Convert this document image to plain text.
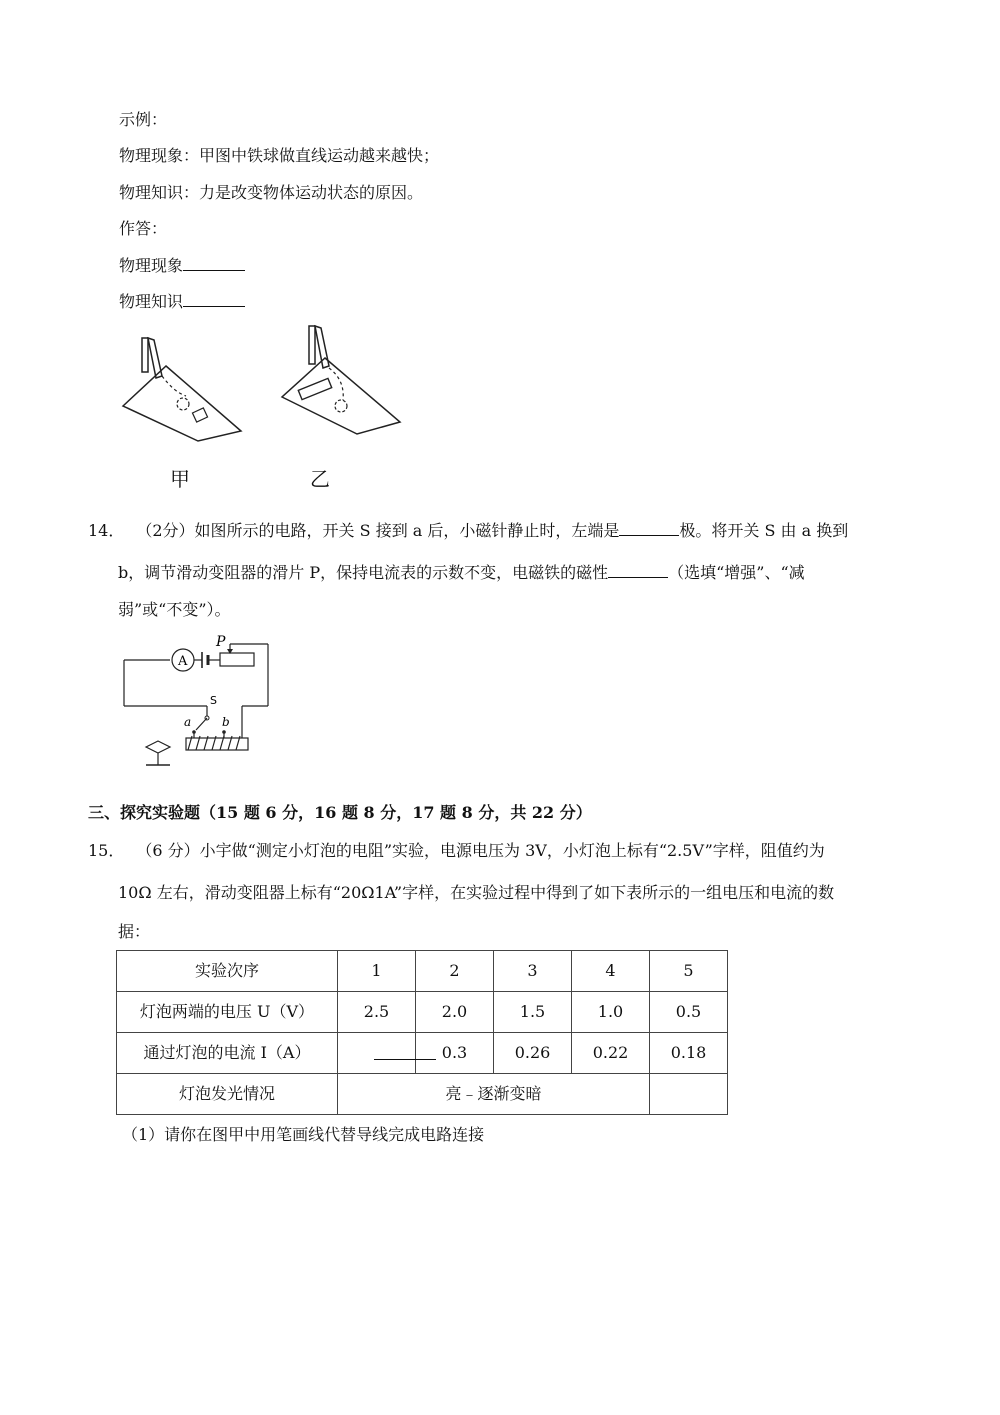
示例：
物理现象：甲图中铁球做直线运动越来越快；
物理知识：力是改变物体运动状态的原因。
作答：
物理现象
物理知识
甲	乙
14． （2分）如图所示的电路，开关 S 接到 a 后，小磁针静止时，左端是	极。将开关 S 由 a 换到
b，调节滑动变阻器的滑片 P，保持电流表的示数不变，电磁铁的磁性	（选填“增强”、“减
弱”或“不变”）。
A
P
S
a	b
三、探究实验题（15 题 6 分，16 题 8 分，17 题 8 分，共 22 分）
15． （6 分）小宇做“测定小灯泡的电阻”实验，电源电压为 3V，小灯泡上标有“2.5V”字样，阻值约为
10Ω 左右，滑动变阻器上标有“20Ω1A”字样，在实验过程中得到了如下表所示的一组电压和电流的数
据：
实验次序	1	2	3	4	5
灯泡两端的电压 U（V）	2.5	2.0	1.5	1.0	0.5
通过灯泡的电流 I（A）		0.3	0.26	0.22	0.18
灯泡发光情况	亮﹣逐渐变暗				
（1）请你在图甲中用笔画线代替导线完成电路连接
